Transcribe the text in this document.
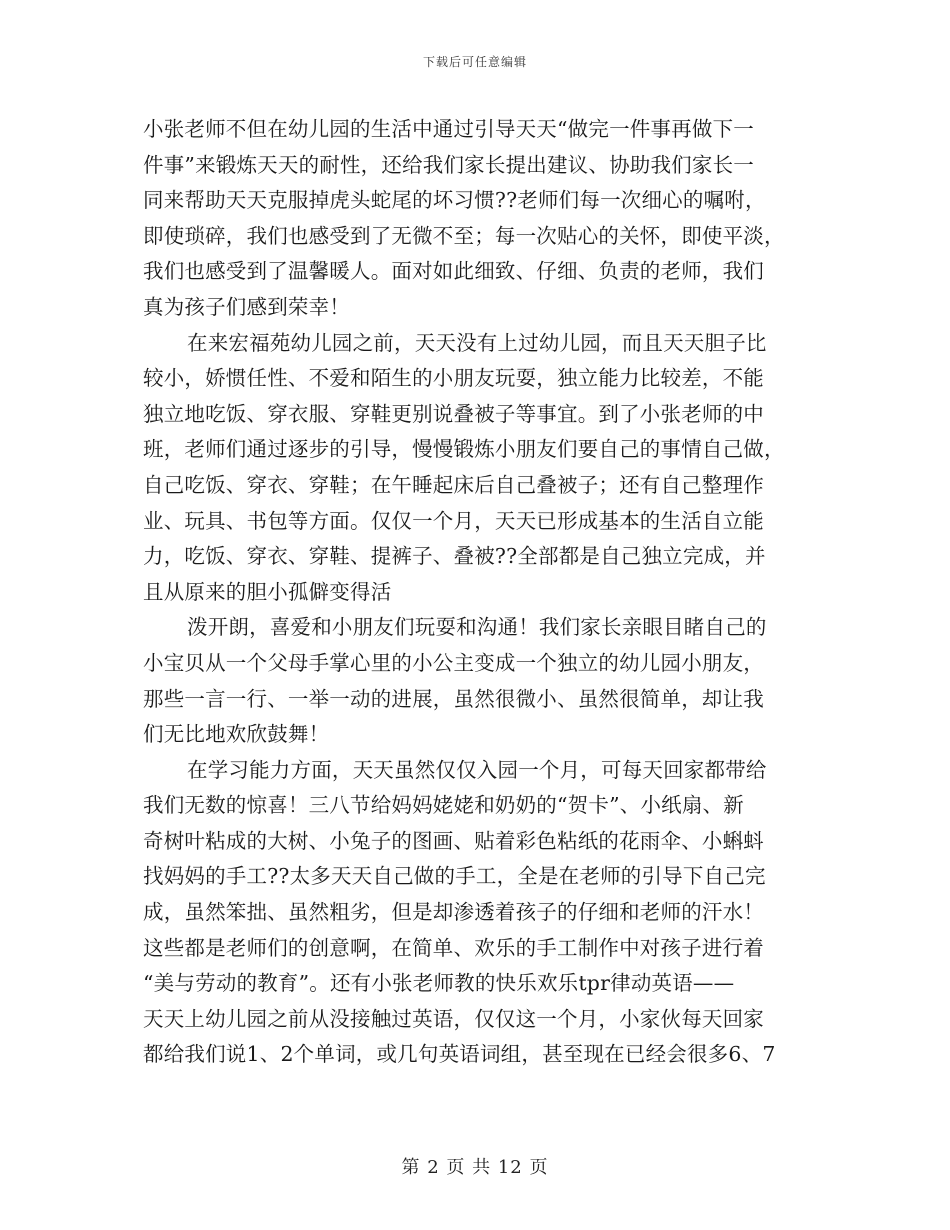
下载后可任意编辑
小张老师不但在幼儿园的生活中通过引导天天“做完一件事再做下一
件事”来锻炼天天的耐性，还给我们家长提出建议、协助我们家长一
同来帮助天天克服掉虎头蛇尾的坏习惯??老师们每一次细心的嘱咐，
即使琐碎，我们也感受到了无微不至；每一次贴心的关怀，即使平淡，
我们也感受到了温馨暖人。面对如此细致、仔细、负责的老师，我们
真为孩子们感到荣幸！
在来宏福苑幼儿园之前，天天没有上过幼儿园，而且天天胆子比
较小，娇惯任性、不爱和陌生的小朋友玩耍，独立能力比较差，不能
独立地吃饭、穿衣服、穿鞋更别说叠被子等事宜。到了小张老师的中
班，老师们通过逐步的引导，慢慢锻炼小朋友们要自己的事情自己做，
自己吃饭、穿衣、穿鞋；在午睡起床后自己叠被子；还有自己整理作
业、玩具、书包等方面。仅仅一个月，天天已形成基本的生活自立能
力，吃饭、穿衣、穿鞋、提裤子、叠被??全部都是自己独立完成，并
且从原来的胆小孤僻变得活
泼开朗，喜爱和小朋友们玩耍和沟通！我们家长亲眼目睹自己的
小宝贝从一个父母手掌心里的小公主变成一个独立的幼儿园小朋友，
那些一言一行、一举一动的进展，虽然很微小、虽然很简单，却让我
们无比地欢欣鼓舞！
在学习能力方面，天天虽然仅仅入园一个月，可每天回家都带给
我们无数的惊喜！三八节给妈妈姥姥和奶奶的“贺卡”、小纸扇、新
奇树叶粘成的大树、小兔子的图画、贴着彩色粘纸的花雨伞、小蝌蚪
找妈妈的手工??太多天天自己做的手工，全是在老师的引导下自己完
成，虽然笨拙、虽然粗劣，但是却渗透着孩子的仔细和老师的汗水！
这些都是老师们的创意啊，在简单、欢乐的手工制作中对孩子进行着
“美与劳动的教育”。还有小张老师教的快乐欢乐tpr律动英语——
天天上幼儿园之前从没接触过英语，仅仅这一个月，小家伙每天回家
都给我们说1、2个单词，或几句英语词组，甚至现在已经会很多6、7
第 2 页 共 12 页
